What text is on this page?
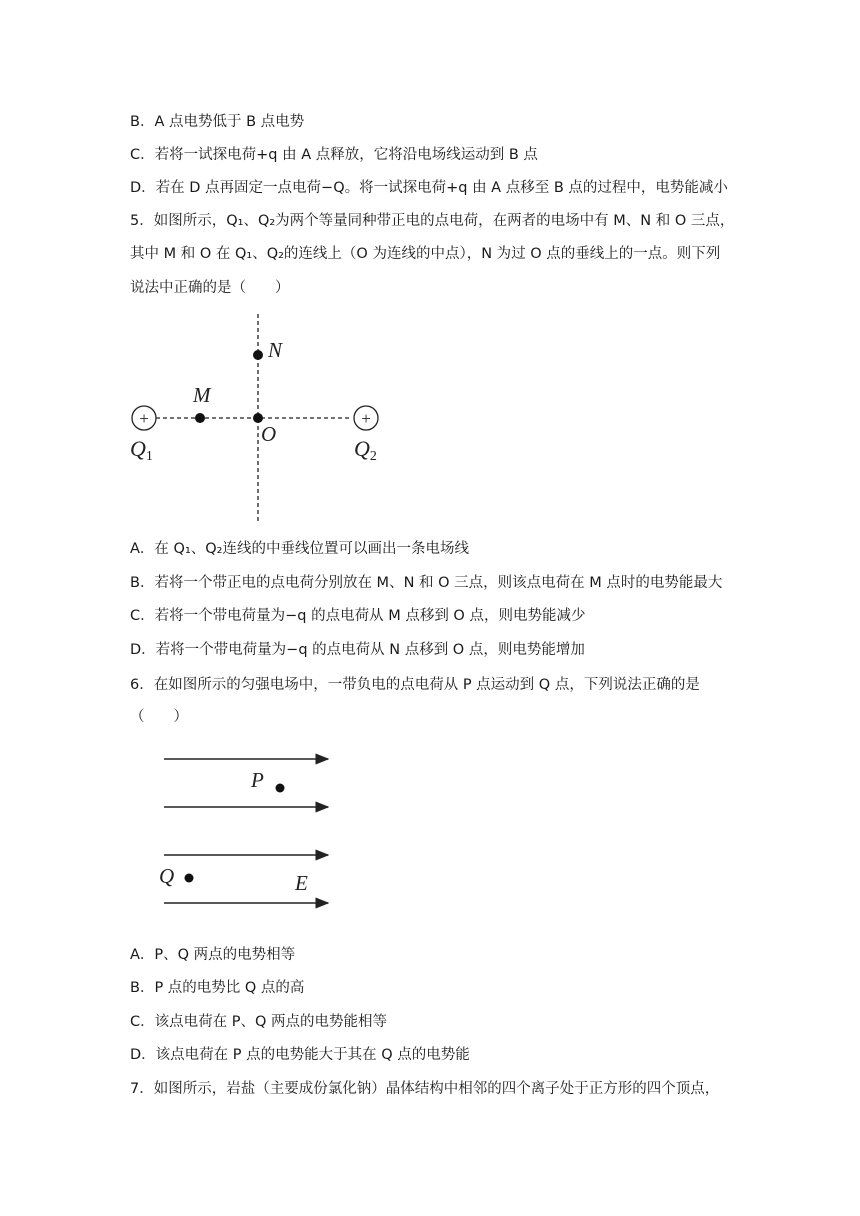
B．A 点电势低于 B 点电势
C．若将一试探电荷+q 由 A 点释放，它将沿电场线运动到 B 点
D．若在 D 点再固定一点电荷−Q。将一试探电荷+q 由 A 点移至 B 点的过程中，电势能减小
5．如图所示，Q₁、Q₂为两个等量同种带正电的点电荷，在两者的电场中有 M、N 和 O 三点，
其中 M 和 O 在 Q₁、Q₂的连线上（O 为连线的中点），N 为过 O 点的垂线上的一点。则下列
说法中正确的是（　　）
+	+
N
M
O
Q1	Q2
A．在 Q₁、Q₂连线的中垂线位置可以画出一条电场线
B．若将一个带正电的点电荷分别放在 M、N 和 O 三点，则该点电荷在 M 点时的电势能最大
C．若将一个带电荷量为−q 的点电荷从 M 点移到 O 点，则电势能减少
D．若将一个带电荷量为−q 的点电荷从 N 点移到 O 点，则电势能增加
6．在如图所示的匀强电场中，一带负电的点电荷从 P 点运动到 Q 点，下列说法正确的是
（　　）
P
Q	E
A．P、Q 两点的电势相等
B．P 点的电势比 Q 点的高
C．该点电荷在 P、Q 两点的电势能相等
D．该点电荷在 P 点的电势能大于其在 Q 点的电势能
7．如图所示，岩盐（主要成份氯化钠）晶体结构中相邻的四个离子处于正方形的四个顶点，
